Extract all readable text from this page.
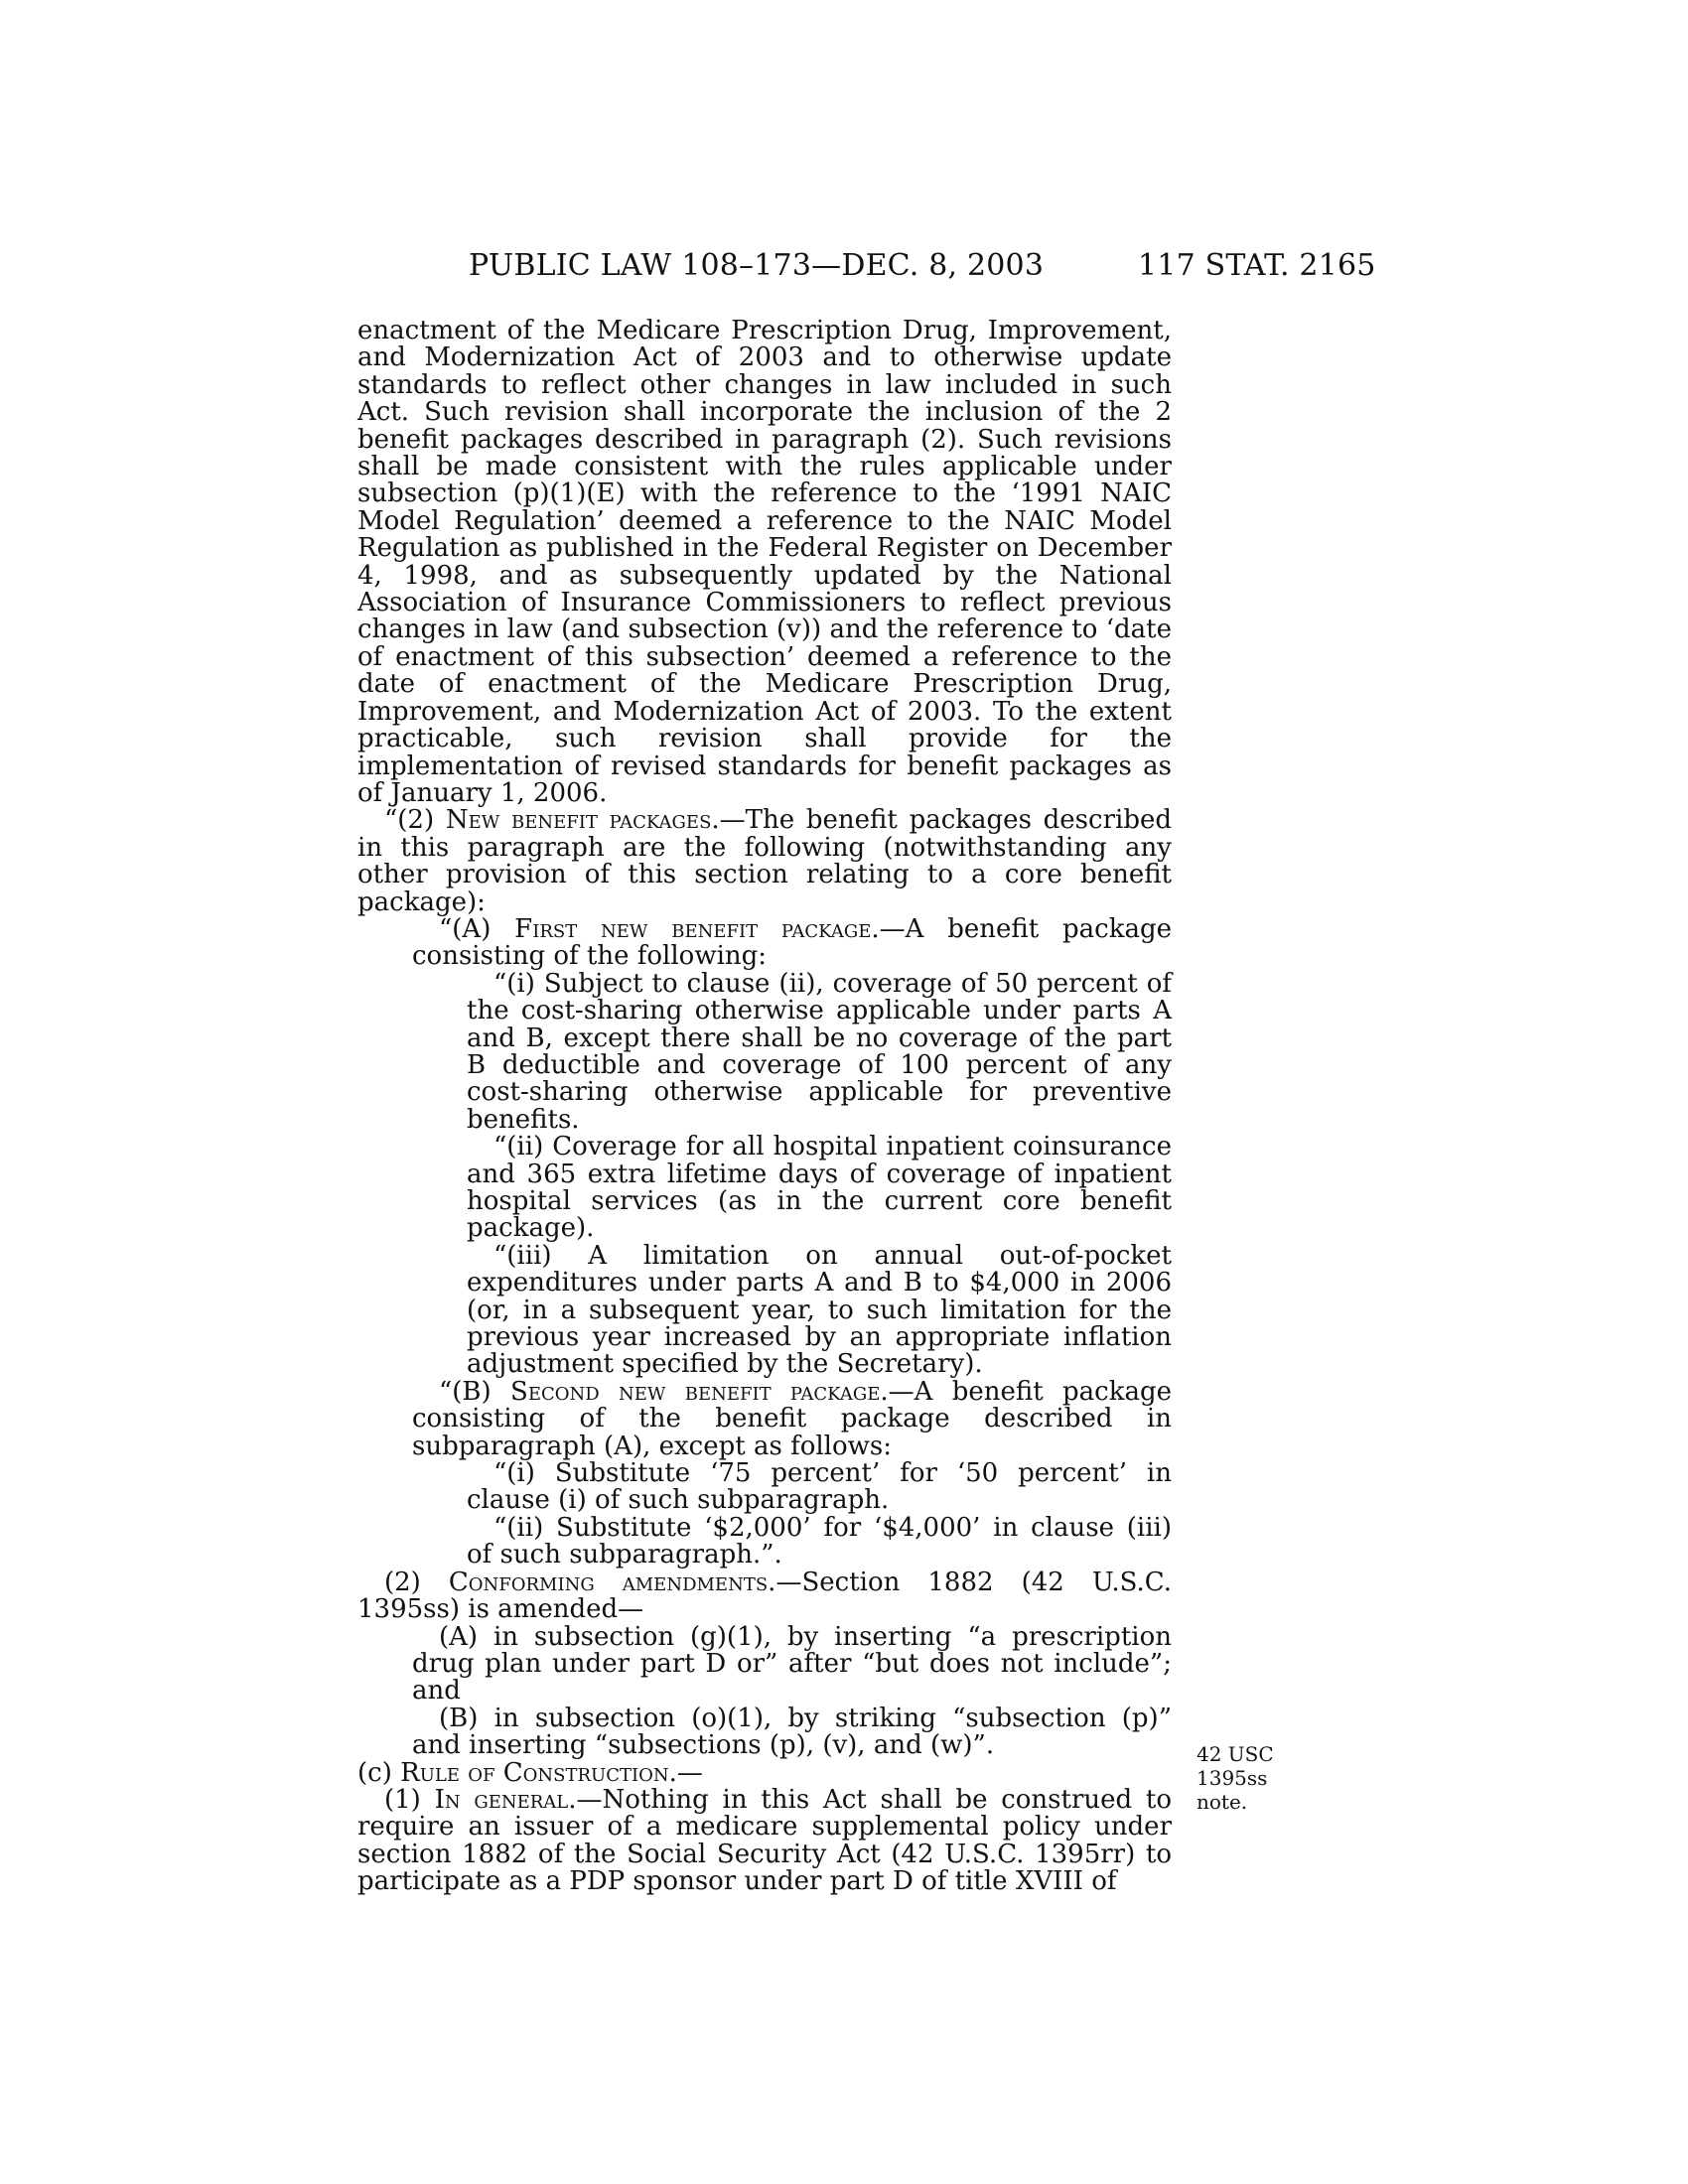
PUBLIC LAW 108–173—DEC. 8, 2003	117 STAT. 2165

enactment of the Medicare Prescription Drug, Improvement, and Modernization Act of 2003 and to otherwise update standards to reflect other changes in law included in such Act. Such revision shall incorporate the inclusion of the 2 benefit packages described in paragraph (2). Such revisions shall be made consistent with the rules applicable under subsection (p)(1)(E) with the reference to the ‘1991 NAIC Model Regulation’ deemed a reference to the NAIC Model Regulation as published in the Federal Register on December 4, 1998, and as subsequently updated by the National Association of Insurance Commissioners to reflect previous changes in law (and subsection (v)) and the reference to ‘date of enactment of this subsection’ deemed a reference to the date of enactment of the Medicare Prescription Drug, Improvement, and Modernization Act of 2003. To the extent practicable, such revision shall provide for the implementation of revised standards for benefit packages as of January 1, 2006.

“(2) New benefit packages.—The benefit packages described in this paragraph are the following (notwithstanding any other provision of this section relating to a core benefit package):

“(A) First new benefit package.—A benefit package consisting of the following:

“(i) Subject to clause (ii), coverage of 50 percent of the cost-sharing otherwise applicable under parts A and B, except there shall be no coverage of the part B deductible and coverage of 100 percent of any cost-sharing otherwise applicable for preventive benefits.

“(ii) Coverage for all hospital inpatient coinsurance and 365 extra lifetime days of coverage of inpatient hospital services (as in the current core benefit package).

“(iii) A limitation on annual out-of-pocket expenditures under parts A and B to $4,000 in 2006 (or, in a subsequent year, to such limitation for the previous year increased by an appropriate inflation adjustment specified by the Secretary).

“(B) Second new benefit package.—A benefit package consisting of the benefit package described in subparagraph (A), except as follows:

“(i) Substitute ‘75 percent’ for ‘50 percent’ in clause (i) of such subparagraph.

“(ii) Substitute ‘$2,000’ for ‘$4,000’ in clause (iii) of such subparagraph.”.

(2) Conforming amendments.—Section 1882 (42 U.S.C. 1395ss) is amended—

(A) in subsection (g)(1), by inserting “a prescription drug plan under part D or” after “but does not include”; and

(B) in subsection (o)(1), by striking “subsection (p)” and inserting “subsections (p), (v), and (w)”.

(c) Rule of Construction.—

(1) In general.—Nothing in this Act shall be construed to require an issuer of a medicare supplemental policy under section 1882 of the Social Security Act (42 U.S.C. 1395rr) to participate as a PDP sponsor under part D of title XVIII of

42 USC 1395ss
note.
